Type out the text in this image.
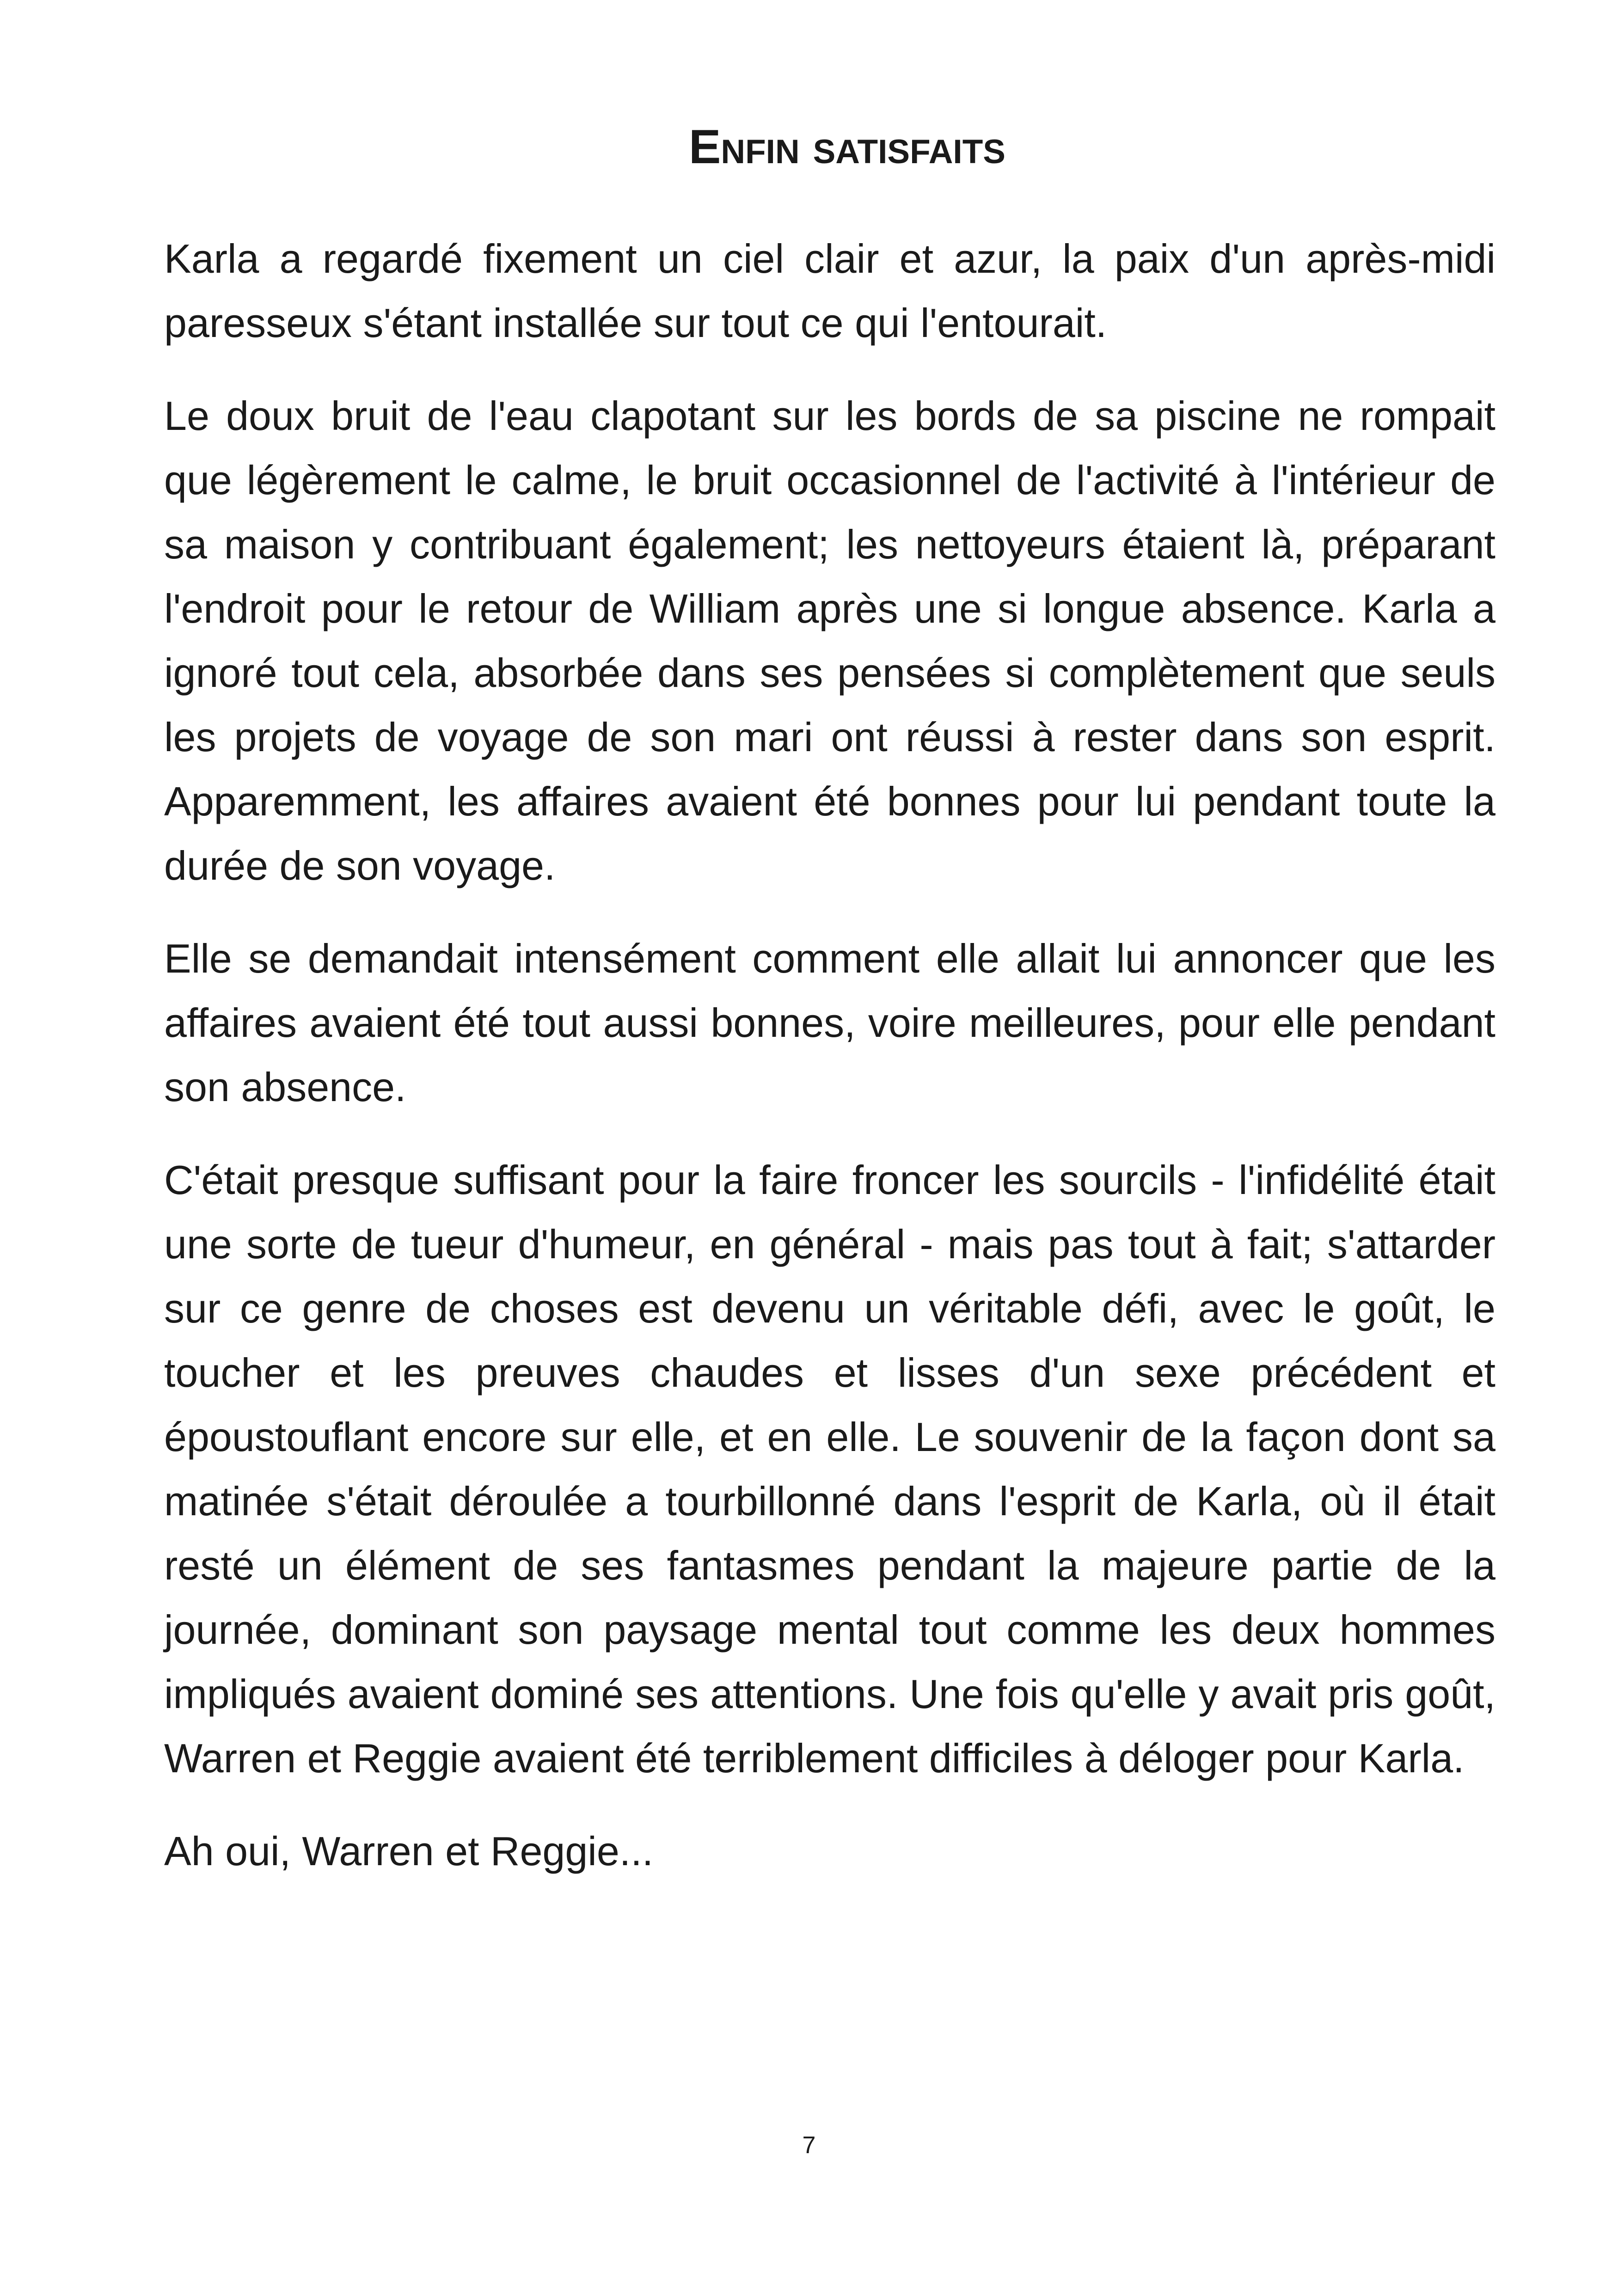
Enfin satisfaits

Karla a regardé fixement un ciel clair et azur, la paix d'un après-midi paresseux s'étant installée sur tout ce qui l'entourait.

Le doux bruit de l'eau clapotant sur les bords de sa piscine ne rompait que légèrement le calme, le bruit occasionnel de l'activité à l'intérieur de sa maison y contribuant également; les nettoyeurs étaient là, préparant l'endroit pour le retour de William après une si longue absence. Karla a ignoré tout cela, absorbée dans ses pensées si complètement que seuls les projets de voyage de son mari ont réussi à rester dans son esprit. Apparemment, les affaires avaient été bonnes pour lui pendant toute la durée de son voyage.

Elle se demandait intensément comment elle allait lui annoncer que les affaires avaient été tout aussi bonnes, voire meilleures, pour elle pendant son absence.

C'était presque suffisant pour la faire froncer les sourcils - l'infidélité était une sorte de tueur d'humeur, en général - mais pas tout à fait; s'attarder sur ce genre de choses est devenu un véritable défi, avec le goût, le toucher et les preuves chaudes et lisses d'un sexe précédent et époustouflant encore sur elle, et en elle. Le souvenir de la façon dont sa matinée s'était déroulée a tourbillonné dans l'esprit de Karla, où il était resté un élément de ses fantasmes pendant la majeure partie de la journée, dominant son paysage mental tout comme les deux hommes impliqués avaient dominé ses attentions. Une fois qu'elle y avait pris goût, Warren et Reggie avaient été terriblement difficiles à déloger pour Karla.

Ah oui, Warren et Reggie...

7
